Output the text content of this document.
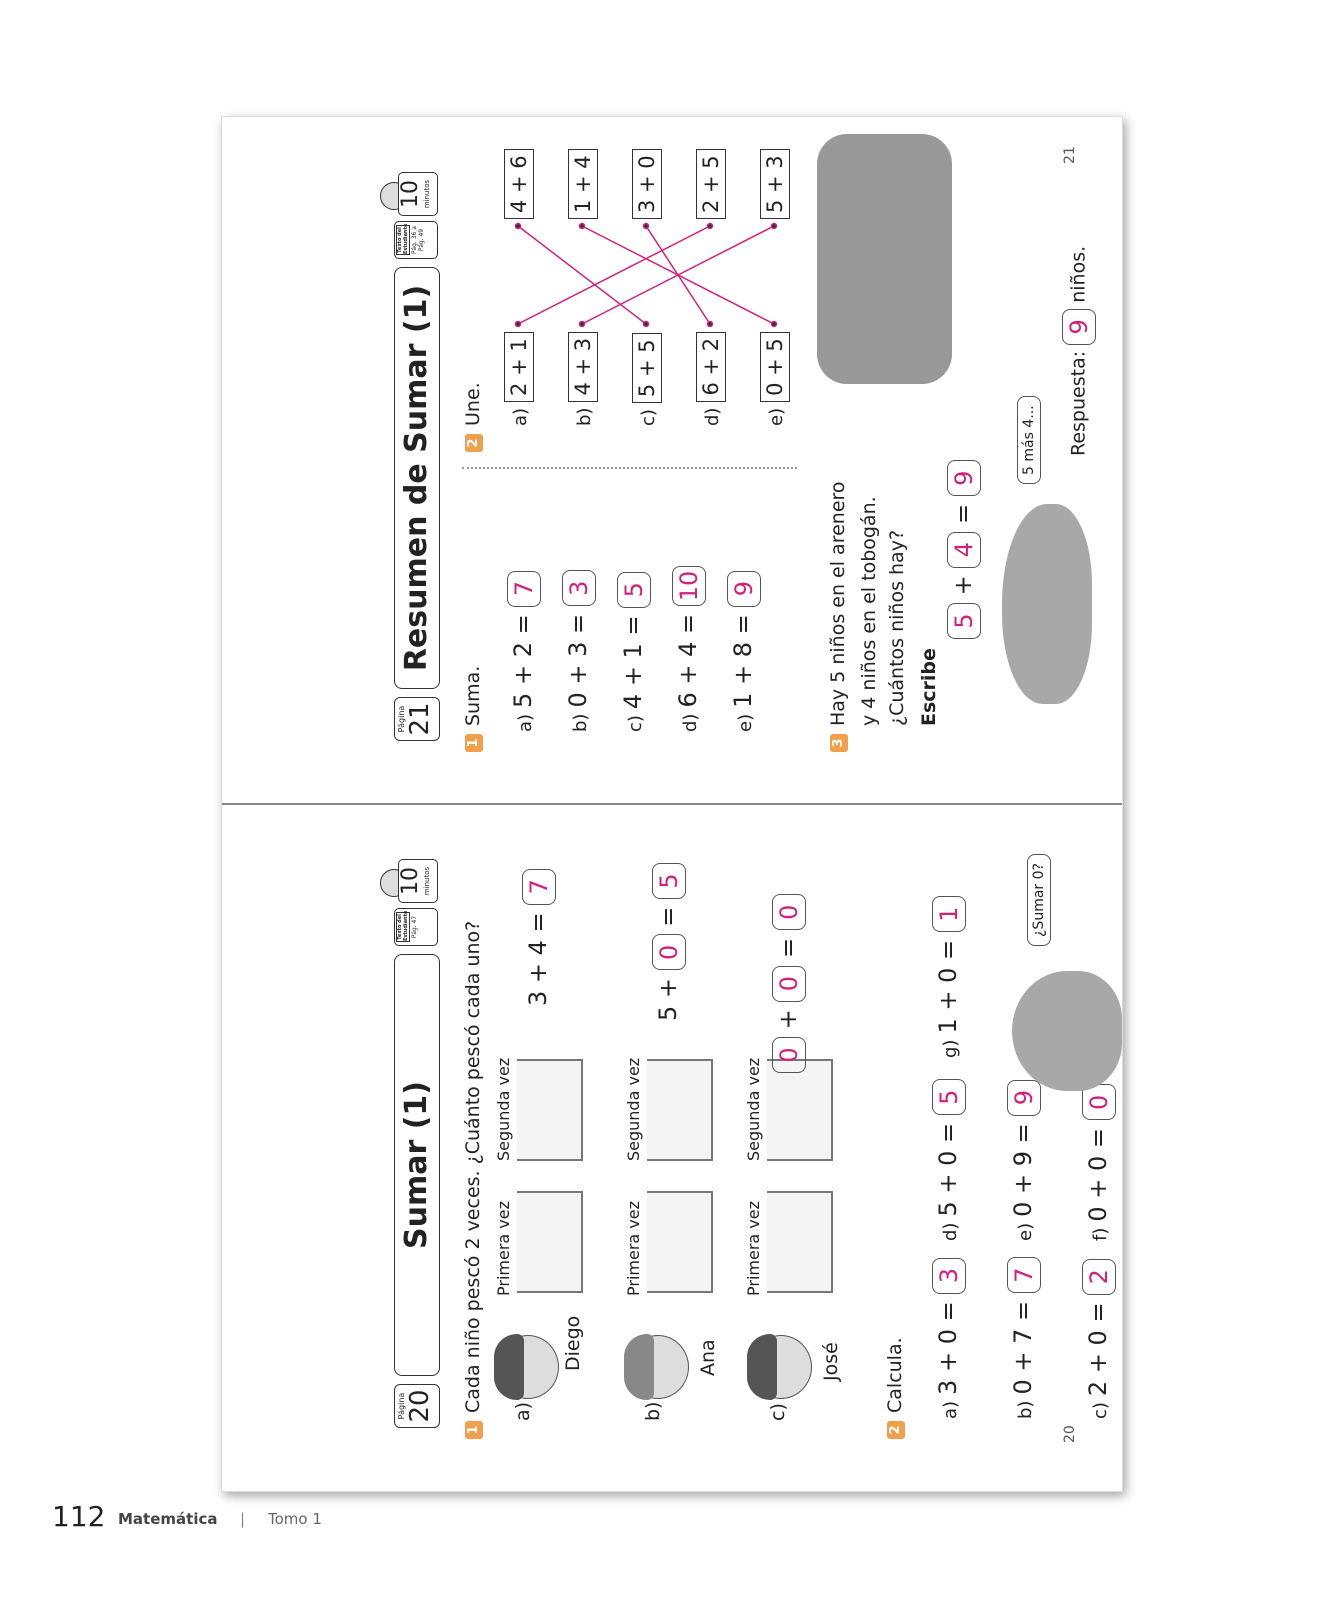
Página 20
Sumar (1)
Texto del Estudiante Pág. 47
10 minutos
1Cada niño pescó 2 veces. ¿Cuánto pescó cada uno? a)
Diego
Primera vez
Segunda vez
3 + 4 = 7
b)
Ana
Primera vez
Segunda vez
5 + 0 = 5
c)
José
Primera vez
Segunda vez
0 + 0 = 0
2Calcula.	a)3 + 0 = 3
b)0 + 7 = 7
c)2 + 0 = 2
d)5 + 0 = 5
e)0 + 9 = 9
f)0 + 0 = 0
g)1 + 0 = 1	¿Sumar 0?
20
Página 21
Resumen de Sumar (1)
Texto del Estudiante Pág. 36 a Pág. 49
10 minutos
1Suma.	a)5 + 2 = 7
b)0 + 3 = 3
c)4 + 1 = 5
d)6 + 4 = 10
e)1 + 8 = 9
2Une.	a)2 + 1
b)4 + 3
c)5 + 5
d)6 + 2
e)0 + 5
4 + 6 1 + 4 3 + 0 2 + 5 5 + 3
3Hay 5 niños en el arenero y 4 niños en el tobogán. ¿Cuántos niños hay? Escribe
5 + 4 = 9
5 más 4... Respuesta: 9 niños.
21
112 Matemática | Tomo 1
